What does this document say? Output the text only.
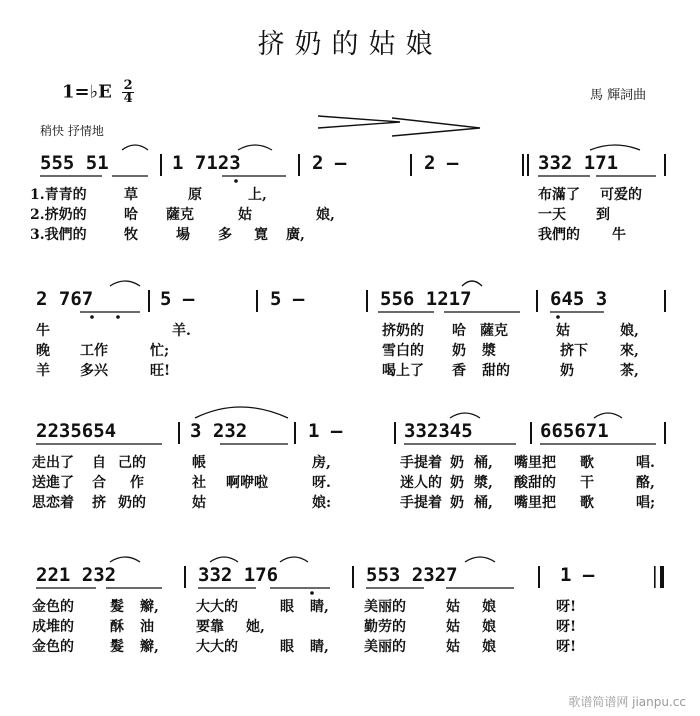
挤奶的姑娘
1=♭E $\frac{2}{4}$
稍快 抒情地
馬 輝詞曲
555 51	1 7123	2 –	2 –	332 171
1.青青的	草	原	上,	布滿了 可爱的
2.挤奶的	哈 薩克	姑	娘,	一天 到
3.我們的	牧	場 多 寛 廣,	我們的 牛
2 767	5 –	5 –	556 1217	645 3
牛	羊.	挤奶的 哈 薩克	姑	娘,
晚 工作	忙;	雪白的 奶 漿	挤下 來,
羊 多兴	旺!	喝上了 香 甜的	奶	茶,
2235654	3 232	1 –	332345	665671
走出了 自 己的	帳	房,	手提着 奶 桶, 嘴里把 歌	唱.
送進了 合 作	社 啊咿啦	呀.	迷人的 奶 漿, 酸甜的 干	酪,
思恋着 挤 奶的	姑	娘:	手提着 奶 桶, 嘴里把 歌	唱;
221 232	332 176	553 2327	1 –
金色的	髮 辮,	大大的	眼 睛,	美丽的	姑 娘	呀!
成堆的	酥 油	要靠 她,	勤劳的	姑 娘	呀!
金色的	髮 辮,	大大的	眼 睛,	美丽的	姑 娘	呀!
歌谱简谱网 jianpu.cc
